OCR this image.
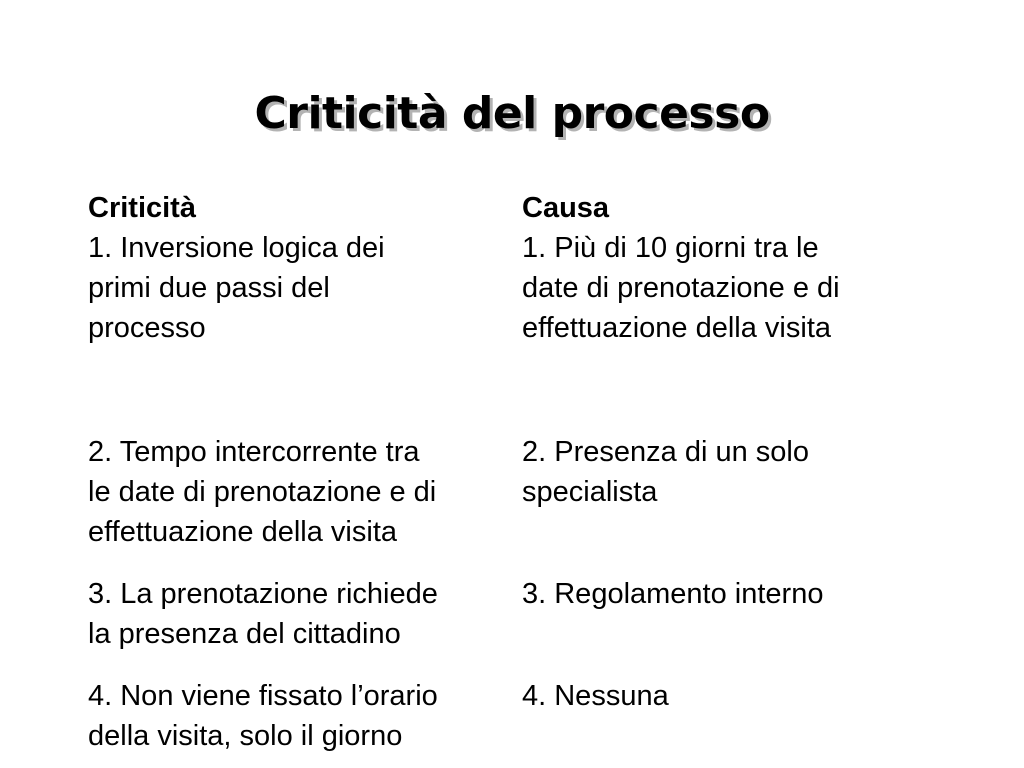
Criticità del processo
Criticità
1. Inversione logica dei
primi due passi del
processo
2. Tempo intercorrente tra
le date di prenotazione e di
effettuazione della visita
3. La prenotazione richiede
la presenza del cittadino
4. Non viene fissato l’orario
della visita, solo il giorno
Causa
1. Più di 10 giorni tra le
date di prenotazione e di
effettuazione della visita
2. Presenza di un solo
specialista
3. Regolamento interno
4. Nessuna
